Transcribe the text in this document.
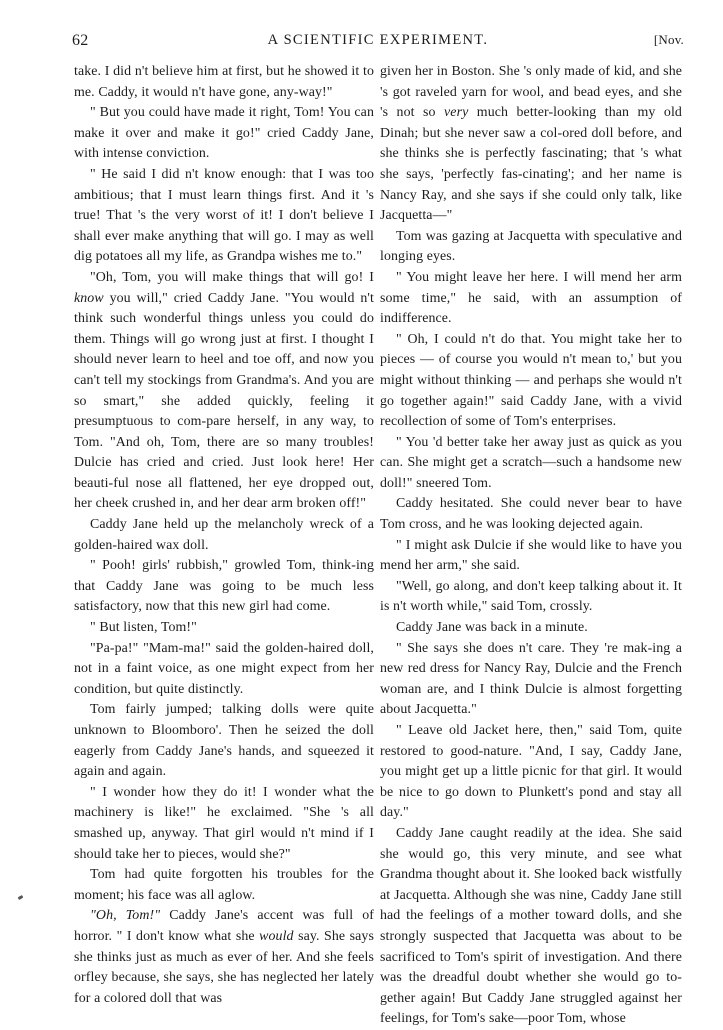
62	A SCIENTIFIC EXPERIMENT.	[Nov.

take. I did n't believe him at first, but he showed it to me. Caddy, it would n't have gone, any-way!"

" But you could have made it right, Tom! You can make it over and make it go!" cried Caddy Jane, with intense conviction.

" He said I did n't know enough: that I was too ambitious; that I must learn things first. And it 's true! That 's the very worst of it! I don't believe I shall ever make anything that will go. I may as well dig potatoes all my life, as Grandpa wishes me to."

"Oh, Tom, you will make things that will go! I know you will," cried Caddy Jane. "You would n't think such wonderful things unless you could do them. Things will go wrong just at first. I thought I should never learn to heel and toe off, and now you can't tell my stockings from Grandma's. And you are so smart," she added quickly, feeling it presumptuous to com-pare herself, in any way, to Tom. "And oh, Tom, there are so many troubles! Dulcie has cried and cried. Just look here! Her beauti-ful nose all flattened, her eye dropped out, her cheek crushed in, and her dear arm broken off!"

Caddy Jane held up the melancholy wreck of a golden-haired wax doll.

" Pooh! girls' rubbish," growled Tom, think-ing that Caddy Jane was going to be much less satisfactory, now that this new girl had come.

" But listen, Tom!"

"Pa-pa!" "Mam-ma!" said the golden-haired doll, not in a faint voice, as one might expect from her condition, but quite distinctly.

Tom fairly jumped; talking dolls were quite unknown to Bloomboro'. Then he seized the doll eagerly from Caddy Jane's hands, and squeezed it again and again.

" I wonder how they do it! I wonder what the machinery is like!" he exclaimed. "She 's all smashed up, anyway. That girl would n't mind if I should take her to pieces, would she?"

Tom had quite forgotten his troubles for the moment; his face was all aglow.

"Oh, Tom!" Caddy Jane's accent was full of horror. " I don't know what she would say. She says she thinks just as much as ever of her. And she feels orfley because, she says, she has neglected her lately for a colored doll that was

given her in Boston. She 's only made of kid, and she 's got raveled yarn for wool, and bead eyes, and she 's not so very much better-looking than my old Dinah; but she never saw a col-ored doll before, and she thinks she is perfectly fascinating; that 's what she says, 'perfectly fas-cinating'; and her name is Nancy Ray, and she says if she could only talk, like Jacquetta—"

Tom was gazing at Jacquetta with speculative and longing eyes.

" You might leave her here. I will mend her arm some time," he said, with an assumption of indifference.

" Oh, I could n't do that. You might take her to pieces — of course you would n't mean to,' but you might without thinking — and perhaps she would n't go together again!" said Caddy Jane, with a vivid recollection of some of Tom's enterprises.

" You 'd better take her away just as quick as you can. She might get a scratch—such a handsome new doll!" sneered Tom.

Caddy hesitated. She could never bear to have Tom cross, and he was looking dejected again.

" I might ask Dulcie if she would like to have you mend her arm," she said.

"Well, go along, and don't keep talking about it. It is n't worth while," said Tom, crossly.

Caddy Jane was back in a minute.

" She says she does n't care. They 're mak-ing a new red dress for Nancy Ray, Dulcie and the French woman are, and I think Dulcie is almost forgetting about Jacquetta."

" Leave old Jacket here, then," said Tom, quite restored to good-nature. "And, I say, Caddy Jane, you might get up a little picnic for that girl. It would be nice to go down to Plunkett's pond and stay all day."

Caddy Jane caught readily at the idea. She said she would go, this very minute, and see what Grandma thought about it. She looked back wistfully at Jacquetta. Although she was nine, Caddy Jane still had the feelings of a mother toward dolls, and she strongly suspected that Jacquetta was about to be sacrificed to Tom's spirit of investigation. And there was the dreadful doubt whether she would go to-gether again! But Caddy Jane struggled against her feelings, for Tom's sake—poor Tom, whose
